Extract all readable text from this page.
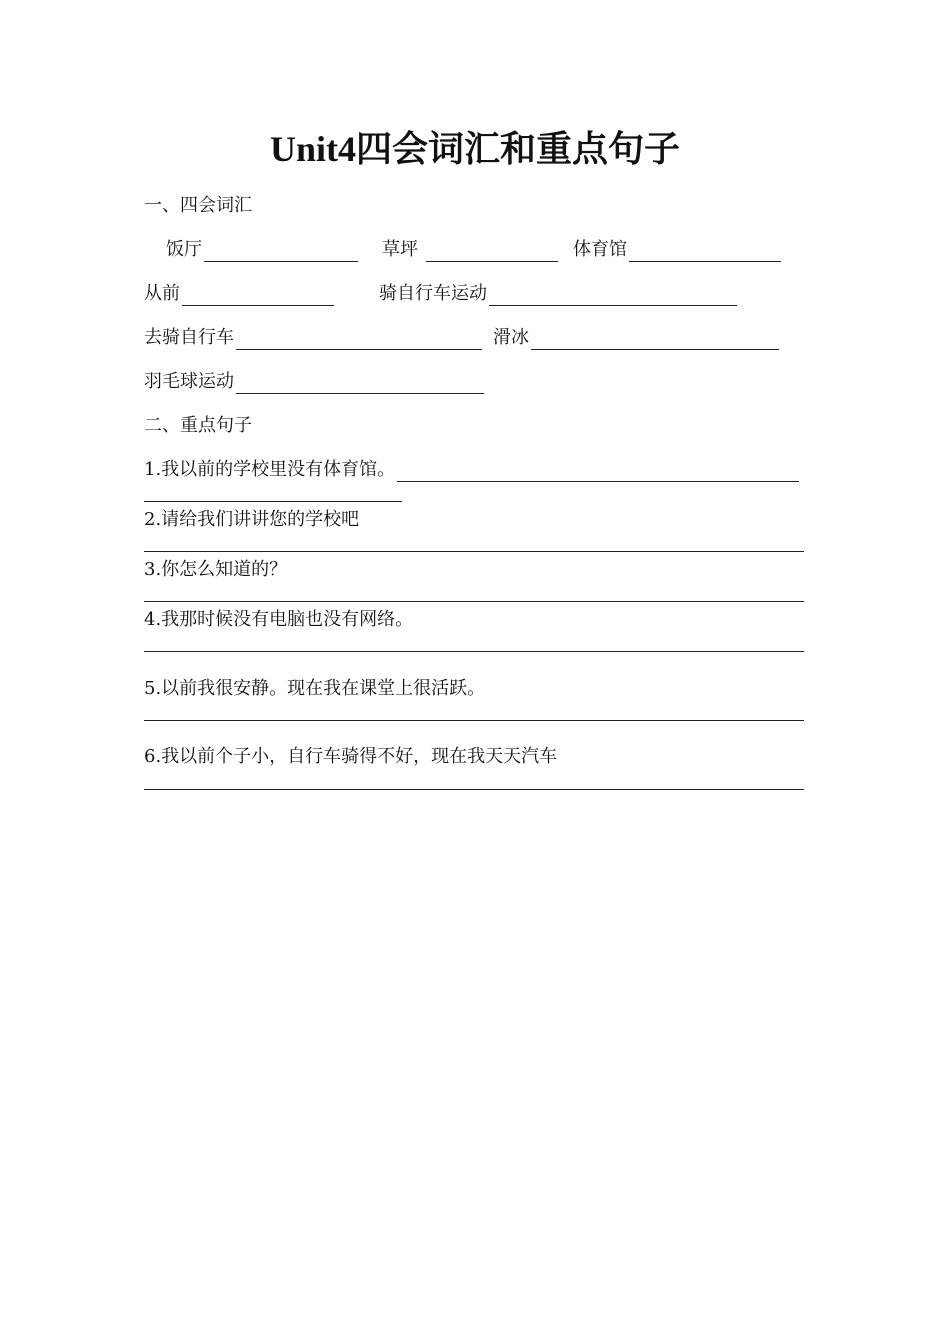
Unit4四会词汇和重点句子
一、四会词汇
饭厅	草坪	体育馆
从前	骑自行车运动
去骑自行车	滑冰
羽毛球运动
二、重点句子
1.我以前的学校里没有体育馆。
2.请给我们讲讲您的学校吧
3.你怎么知道的？
4.我那时候没有电脑也没有网络。
5.以前我很安静。现在我在课堂上很活跃。
6.我以前个子小，自行车骑得不好，现在我天天汽车
